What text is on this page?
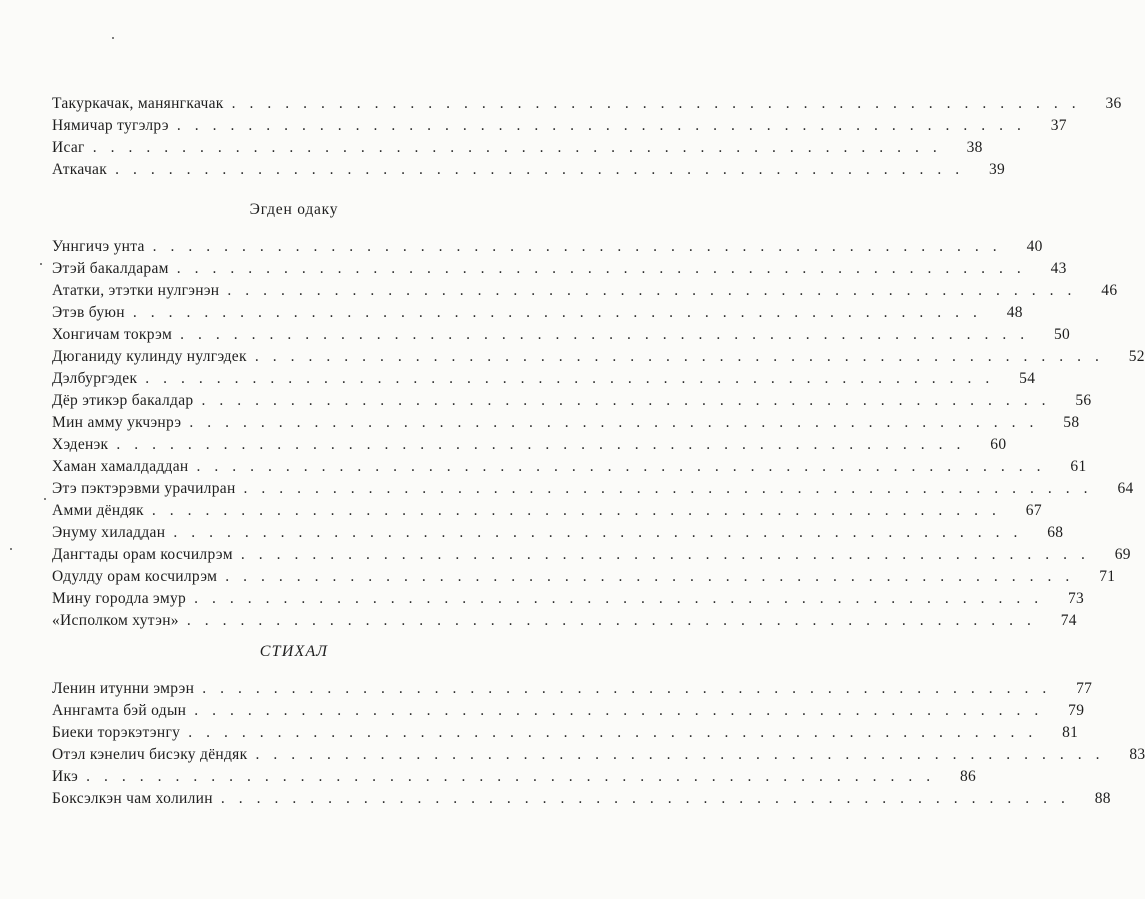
Такуркачак, манянгкачак ................................................	36
Нямичар тугэлрэ ................................................	37
Исаг ................................................	38
Аткачак ................................................	39
Эгден одаку
Уннгичэ унта ................................................	40
Этэй бакалдарам ................................................	43
Ататки, этэтки нулгэнэн ................................................	46
Этэв буюн ................................................	48
Хонгичам токрэм ................................................	50
Дюганиду кулинду нулгэдек ................................................	52
Дэлбургэдек ................................................	54
Дёр этикэр бакалдар ................................................	56
Мин амму укчэнрэ ................................................	58
Хэденэк ................................................	60
Хаман хамалдаддан ................................................	61
Этэ пэктэрэвми урачилран ................................................	64
Амми дёндяк ................................................	67
Энуму хиладдан ................................................	68
Дангтады орам косчилрэм ................................................	69
Одулду орам косчилрэм ................................................	71
Мину городла эмур ................................................	73
«Исполком хутэн» ................................................	74
СТИХАЛ
Ленин итунни эмрэн ................................................	77
Аннгамта бэй одын ................................................	79
Биеки торэкэтэнгу ................................................	81
Отэл кэнелич бисэку дёндяк ................................................	83
Икэ ................................................	86
Боксэлкэн чам холилин ................................................	88
